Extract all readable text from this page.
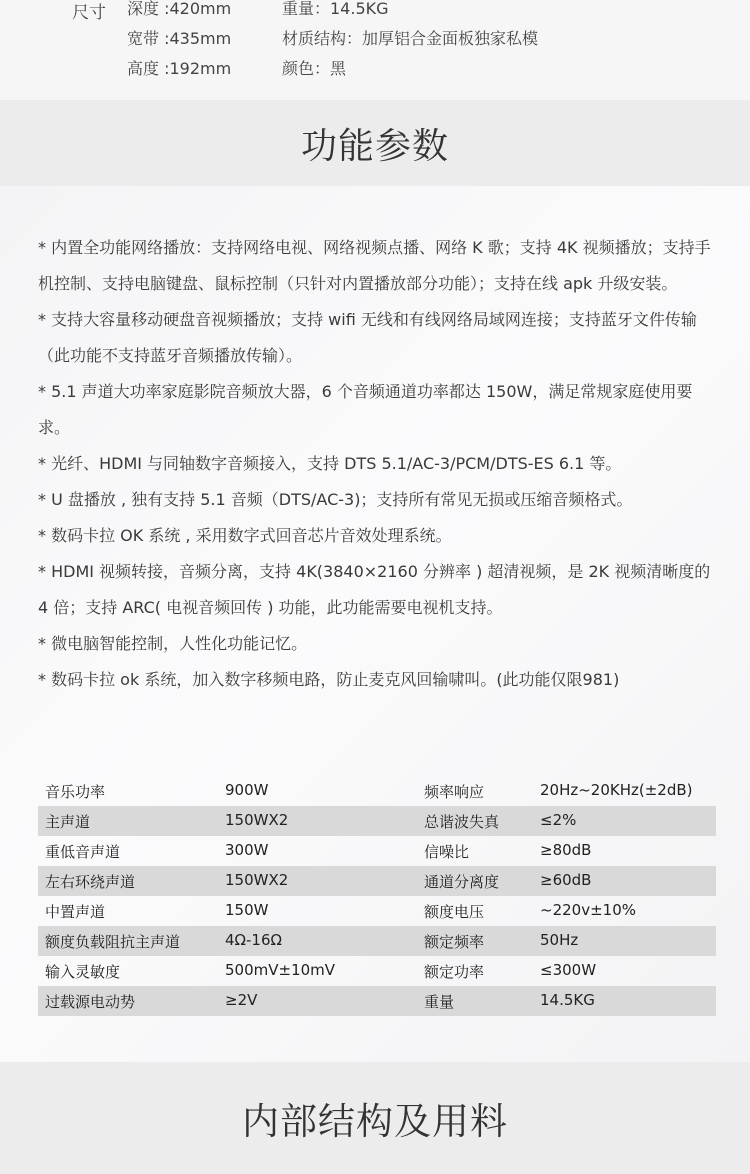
尺寸 深度 :420mm
宽带 :435mm
高度 :192mm
重量：14.5KG
材质结构：加厚铝合金面板独家私模
颜色：黑
功能参数

* 内置全功能网络播放：支持网络电视、网络视频点播、网络 K 歌；支持 4K 视频播放；支持手机控制、支持电脑键盘、鼠标控制（只针对内置播放部分功能）；支持在线 apk 升级安装。

* 支持大容量移动硬盘音视频播放；支持 wifi 无线和有线网络局域网连接；支持蓝牙文件传输（此功能不支持蓝牙音频播放传输）。

* 5.1 声道大功率家庭影院音频放大器，6 个音频通道功率都达 150W，满足常规家庭使用要求。

* 光纤、HDMI 与同轴数字音频接入，支持 DTS 5.1/AC-3/PCM/DTS-ES 6.1 等。

* U 盘播放 , 独有支持 5.1 音频（DTS/AC-3)；支持所有常见无损或压缩音频格式。

* 数码卡拉 OK 系统 , 采用数字式回音芯片音效处理系统。

* HDMI 视频转接，音频分离，支持 4K(3840×2160 分辨率 ) 超清视频，是 2K 视频清晰度的 4 倍；支持 ARC( 电视音频回传 ) 功能，此功能需要电视机支持。

* 微电脑智能控制，人性化功能记忆。

* 数码卡拉 ok 系统，加入数字移频电路，防止麦克风回输啸叫。(此功能仅限981)

音乐功率	900W	频率响应	20Hz~20KHz(±2dB)
主声道	150WX2	总谐波失真	≤2%
重低音声道	300W	信噪比	≥80dB
左右环绕声道	150WX2	通道分离度	≥60dB
中置声道	150W	额度电压	~220v±10%
额度负载阻抗主声道	4Ω-16Ω	额定频率	50Hz
输入灵敏度	500mV±10mV	额定功率	≤300W
过载源电动势	≥2V	重量	14.5KG
内部结构及用料
